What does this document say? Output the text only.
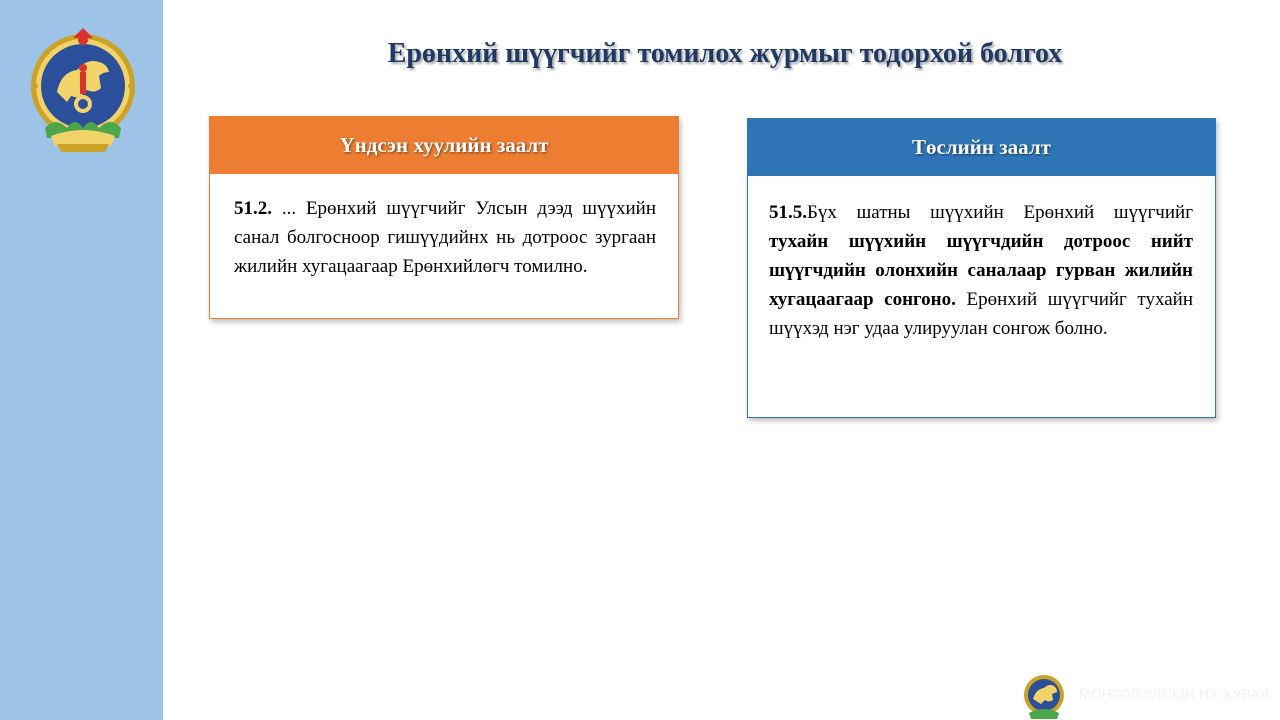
Ерөнхий шүүгчийг томилох журмыг тодорхой болгох
Үндсэн хуулийн заалт
51.2. ... Ерөнхий шүүгчийг Улсын дээд шүүхийн санал болгосноор гишүүдийнх нь дотроос зургаан жилийн хугацаагаар Ерөнхийлөгч томилно.
Төслийн заалт
51.5.Бүх шатны шүүхийн Ерөнхий шүүгчийг тухайн шүүхийн шүүгчдийн дотроос нийт шүүгчдийн олонхийн саналаар гурван жилийн хугацаагаар сонгоно. Ерөнхий шүүгчийг тухайн шүүхэд нэг удаа улируулан сонгож болно.
МОНГОЛ УЛСЫН ИХ ХУРАЛ
